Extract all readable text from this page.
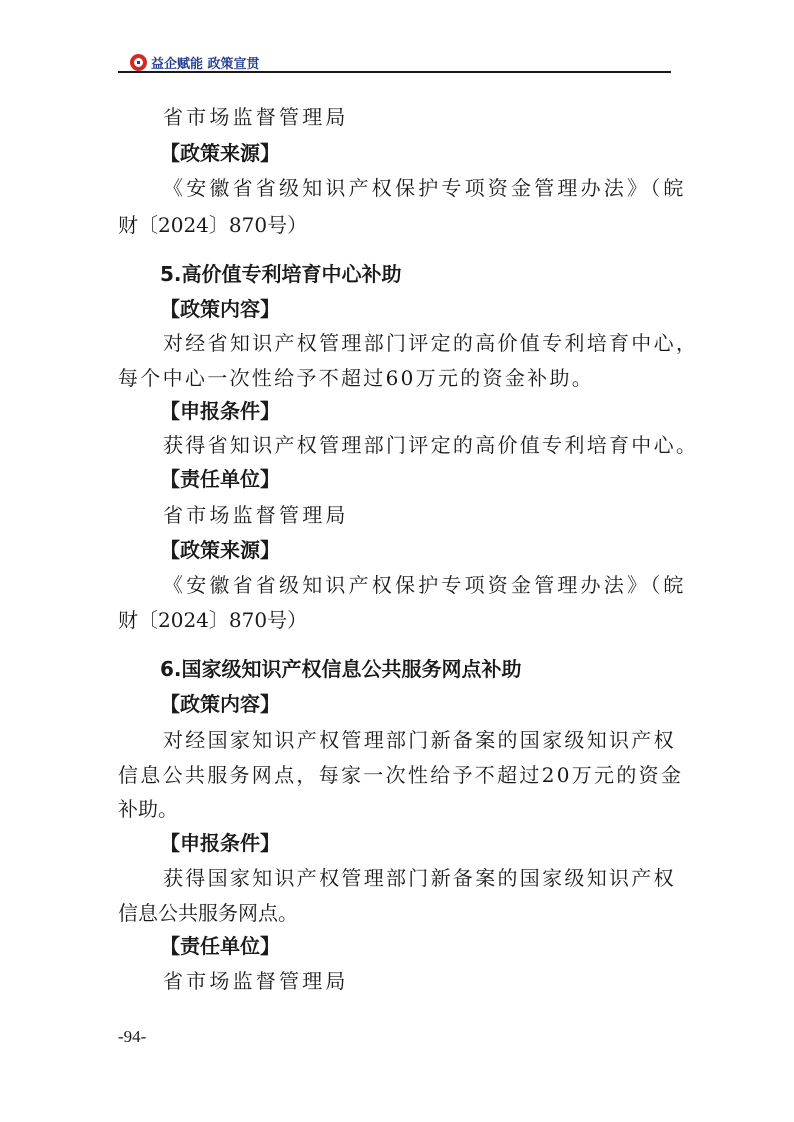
益企赋能 政策宣贯
省市场监督管理局
【政策来源】
《安徽省省级知识产权保护专项资金管理办法》（皖
财〔2024〕870号）
5.高价值专利培育中心补助
【政策内容】
对经省知识产权管理部门评定的高价值专利培育中心，
每个中心一次性给予不超过60万元的资金补助。
【申报条件】
获得省知识产权管理部门评定的高价值专利培育中心。
【责任单位】
省市场监督管理局
【政策来源】
《安徽省省级知识产权保护专项资金管理办法》（皖
财〔2024〕870号）
6.国家级知识产权信息公共服务网点补助
【政策内容】
对经国家知识产权管理部门新备案的国家级知识产权
信息公共服务网点，每家一次性给予不超过20万元的资金
补助。
【申报条件】
获得国家知识产权管理部门新备案的国家级知识产权
信息公共服务网点。
【责任单位】
省市场监督管理局
-94-
